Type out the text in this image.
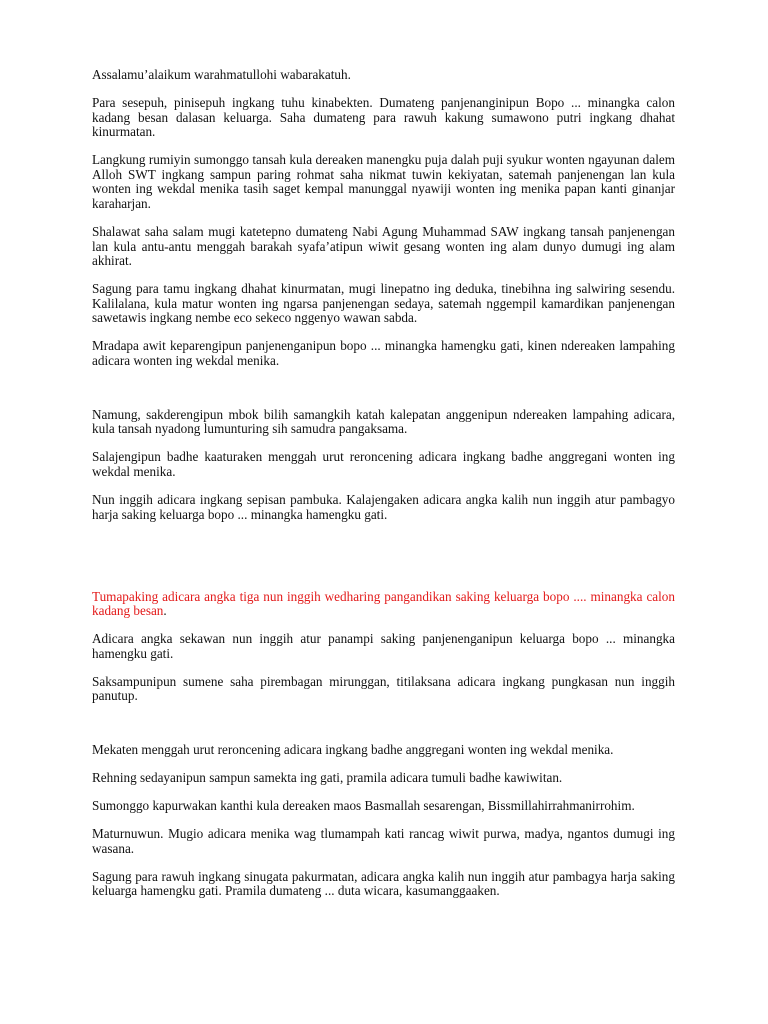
Assalamu’alaikum warahmatullohi wabarakatuh.

Para sesepuh, pinisepuh ingkang tuhu kinabekten. Dumateng panjenanginipun Bopo ... minangka calon kadang besan dalasan keluarga. Saha dumateng para rawuh kakung sumawono putri ingkang dhahat kinurmatan.

Langkung rumiyin sumonggo tansah kula dereaken manengku puja dalah puji syukur wonten ngayunan dalem Alloh SWT ingkang sampun paring rohmat saha nikmat tuwin kekiyatan, satemah panjenengan lan kula wonten ing wekdal menika tasih saget kempal manunggal nyawiji wonten ing menika papan kanti ginanjar karaharjan.

Shalawat saha salam mugi katetepno dumateng Nabi Agung Muhammad SAW ingkang tansah panjenengan lan kula antu-antu menggah barakah syafa’atipun wiwit gesang wonten ing alam dunyo dumugi ing alam akhirat.

Sagung para tamu ingkang dhahat kinurmatan, mugi linepatno ing deduka, tinebihna ing salwiring sesendu. Kalilalana, kula matur wonten ing ngarsa panjenengan sedaya, satemah nggempil kamardikan panjenengan sawetawis ingkang nembe eco sekeco nggenyo wawan sabda.

Mradapa awit keparengipun panjenenganipun bopo ... minangka hamengku gati, kinen ndereaken lampahing adicara wonten ing wekdal menika.

Namung, sakderengipun mbok bilih samangkih katah kalepatan anggenipun ndereaken lampahing adicara, kula tansah nyadong lumunturing sih samudra pangaksama.

Salajengipun badhe kaaturaken menggah urut reroncening adicara ingkang badhe anggregani wonten ing wekdal menika.

Nun inggih adicara ingkang sepisan pambuka. Kalajengaken adicara angka kalih nun inggih atur pambagyo harja saking keluarga bopo ... minangka hamengku gati.

Tumapaking adicara angka tiga nun inggih wedharing pangandikan saking keluarga bopo .... minangka calon kadang besan.

Adicara angka sekawan nun inggih atur panampi saking panjenenganipun keluarga bopo ... minangka hamengku gati.

Saksampunipun sumene saha pirembagan mirunggan, titilaksana adicara ingkang pungkasan nun inggih panutup.

Mekaten menggah urut reroncening adicara ingkang badhe anggregani wonten ing wekdal menika.

Rehning sedayanipun sampun samekta ing gati, pramila adicara tumuli badhe kawiwitan.

Sumonggo kapurwakan kanthi kula dereaken maos Basmallah sesarengan, Bissmillahirrahmanirrohim.

Maturnuwun. Mugio adicara menika wag tlumampah kati rancag wiwit purwa, madya, ngantos dumugi ing wasana.

Sagung para rawuh ingkang sinugata pakurmatan, adicara angka kalih nun inggih atur pambagya harja saking keluarga hamengku gati. Pramila dumateng ... duta wicara, kasumanggaaken.
